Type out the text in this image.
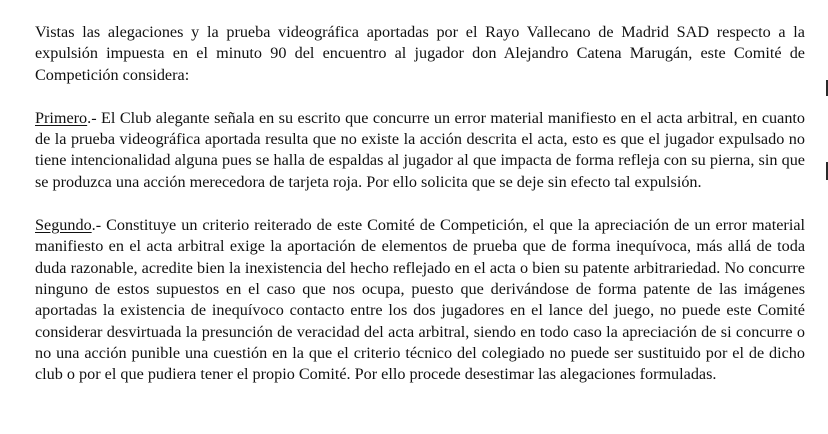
Vistas las alegaciones y la prueba videográfica aportadas por el Rayo Vallecano de Madrid SAD respecto a la expulsión impuesta en el minuto 90 del encuentro al jugador don Alejandro Catena Marugán, este Comité de Competición considera:

Primero.- El Club alegante señala en su escrito que concurre un error material manifiesto en el acta arbitral, en cuanto de la prueba videográfica aportada resulta que no existe la acción descrita el acta, esto es que el jugador expulsado no tiene intencionalidad alguna pues se halla de espaldas al jugador al que impacta de forma refleja con su pierna, sin que se produzca una acción merecedora de tarjeta roja. Por ello solicita que se deje sin efecto tal expulsión.

Segundo.- Constituye un criterio reiterado de este Comité de Competición, el que la apreciación de un error material manifiesto en el acta arbitral exige la aportación de elementos de prueba que de forma inequívoca, más allá de toda duda razonable, acredite bien la inexistencia del hecho reflejado en el acta o bien su patente arbitrariedad. No concurre ninguno de estos supuestos en el caso que nos ocupa, puesto que derivándose de forma patente de las imágenes aportadas la existencia de inequívoco contacto entre los dos jugadores en el lance del juego, no puede este Comité considerar desvirtuada la presunción de veracidad del acta arbitral, siendo en todo caso la apreciación de si concurre o no una acción punible una cuestión en la que el criterio técnico del colegiado no puede ser sustituido por el de dicho club o por el que pudiera tener el propio Comité. Por ello procede desestimar las alegaciones formuladas.
